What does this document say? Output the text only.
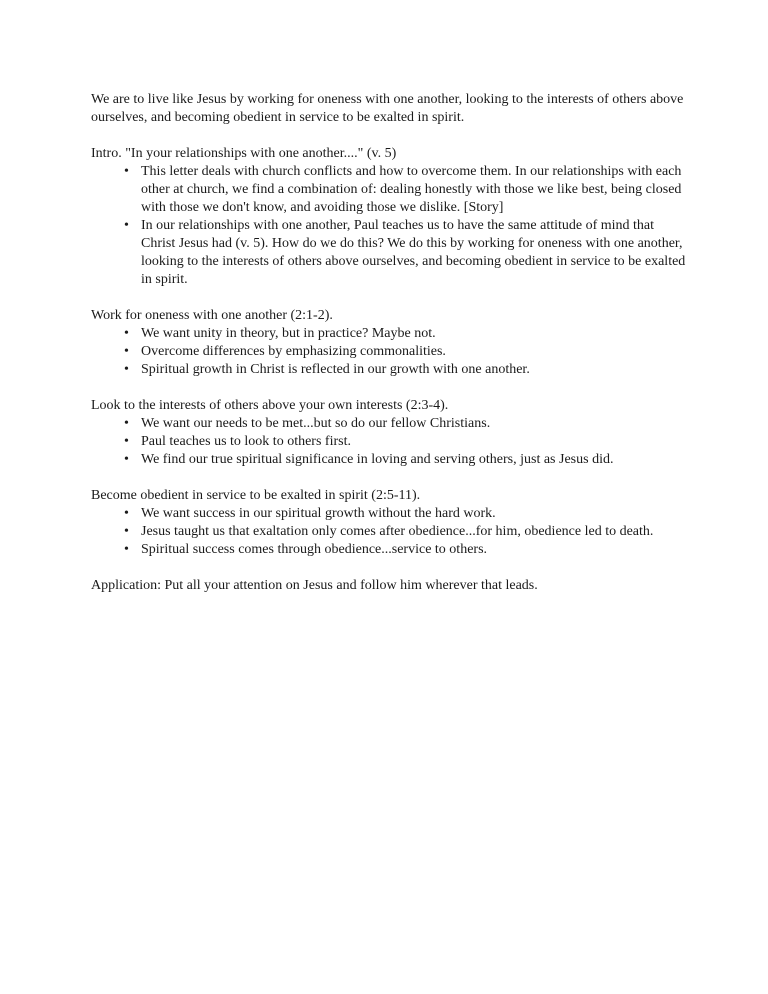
We are to live like Jesus by working for oneness with one another, looking to the interests of others above ourselves, and becoming obedient in service to be exalted in spirit.

Intro. "In your relationships with one another...." (v. 5)

• This letter deals with church conflicts and how to overcome them. In our relationships with each other at church, we find a combination of: dealing honestly with those we like best, being closed with those we don't know, and avoiding those we dislike. [Story]
• In our relationships with one another, Paul teaches us to have the same attitude of mind that Christ Jesus had (v. 5). How do we do this? We do this by working for oneness with one another, looking to the interests of others above ourselves, and becoming obedient in service to be exalted in spirit.

Work for oneness with one another (2:1-2).

• We want unity in theory, but in practice? Maybe not.
• Overcome differences by emphasizing commonalities.
• Spiritual growth in Christ is reflected in our growth with one another.

Look to the interests of others above your own interests (2:3-4).

• We want our needs to be met...but so do our fellow Christians.
• Paul teaches us to look to others first.
• We find our true spiritual significance in loving and serving others, just as Jesus did.

Become obedient in service to be exalted in spirit (2:5-11).

• We want success in our spiritual growth without the hard work.
• Jesus taught us that exaltation only comes after obedience...for him, obedience led to death.
• Spiritual success comes through obedience...service to others.

Application: Put all your attention on Jesus and follow him wherever that leads.
